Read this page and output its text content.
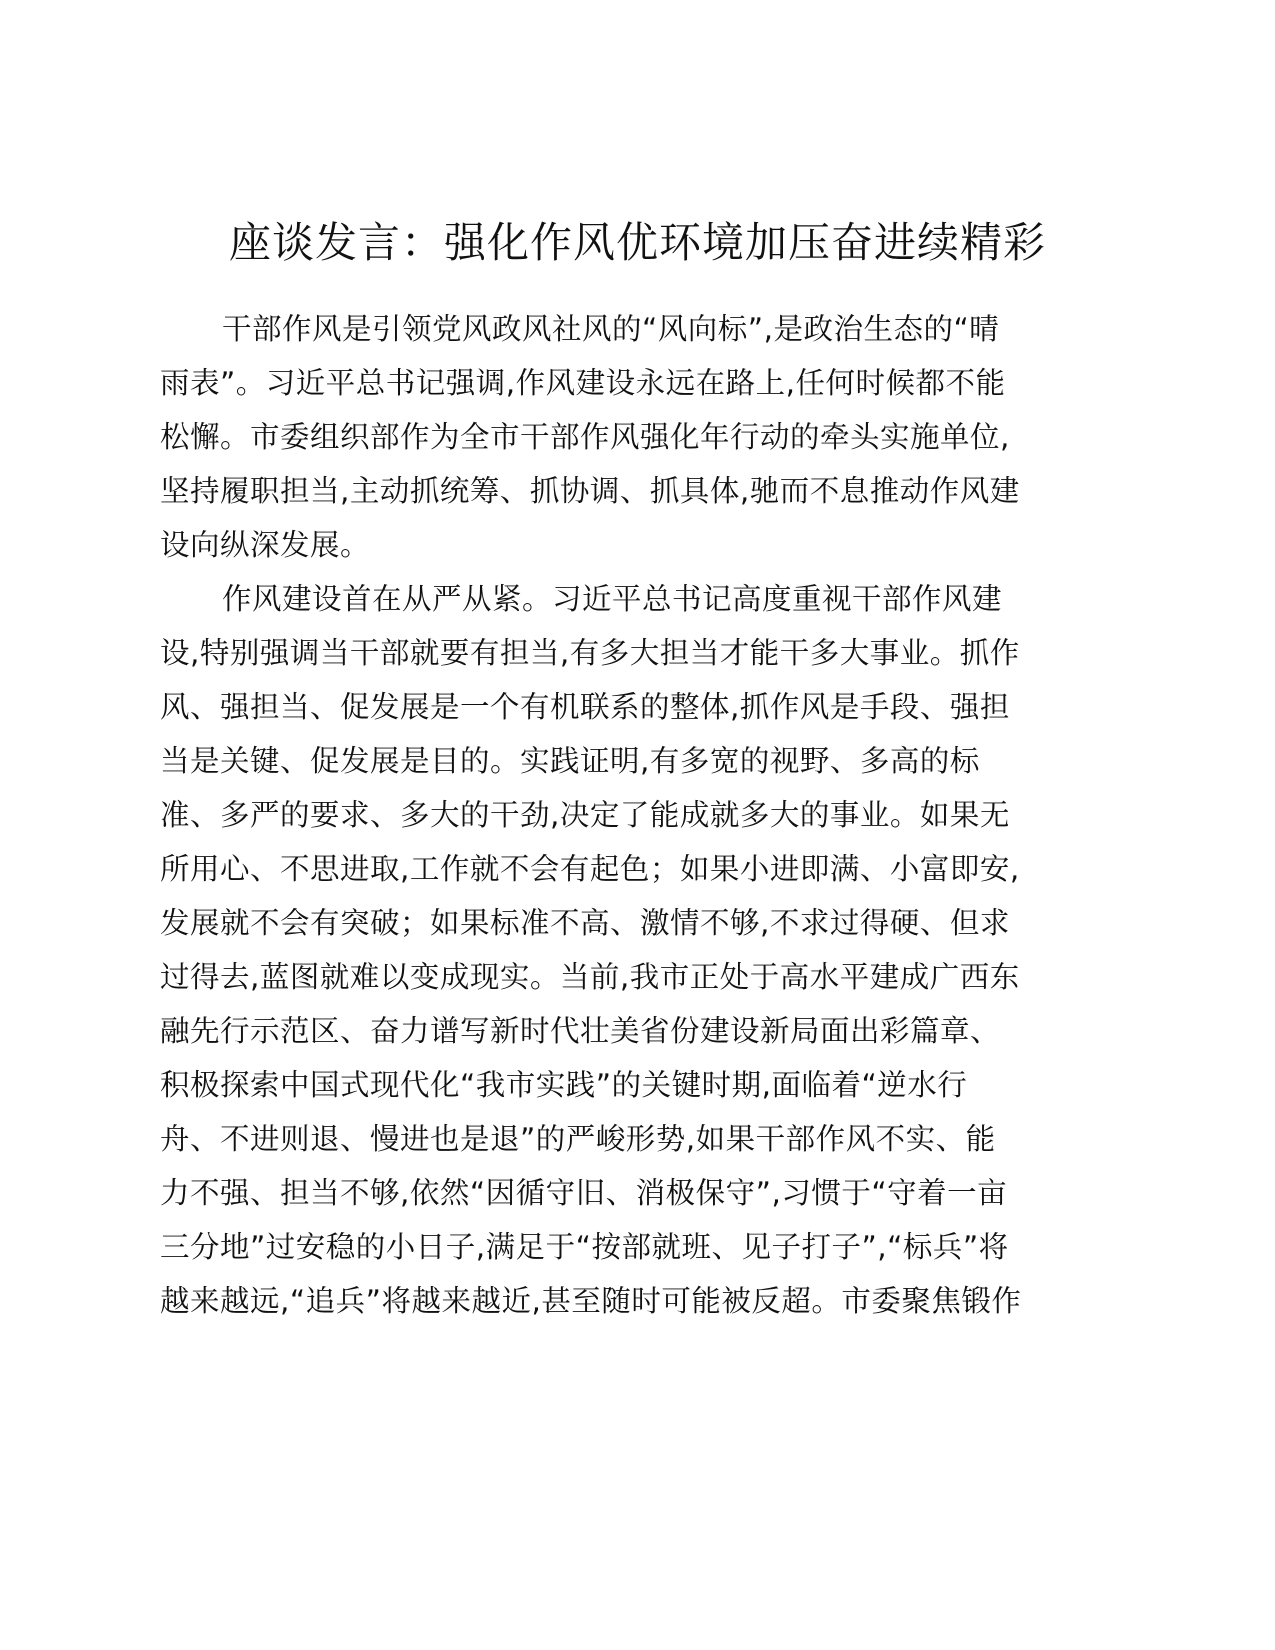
座谈发言：强化作风优环境加压奋进续精彩

干部作风是引领党风政风社风的“风向标”,是政治生态的“晴
雨表”。习近平总书记强调,作风建设永远在路上,任何时候都不能
松懈。市委组织部作为全市干部作风强化年行动的牵头实施单位,
坚持履职担当,主动抓统筹、抓协调、抓具体,驰而不息推动作风建
设向纵深发展。

作风建设首在从严从紧。习近平总书记高度重视干部作风建
设,特别强调当干部就要有担当,有多大担当才能干多大事业。抓作
风、强担当、促发展是一个有机联系的整体,抓作风是手段、强担
当是关键、促发展是目的。实践证明,有多宽的视野、多高的标
准、多严的要求、多大的干劲,决定了能成就多大的事业。如果无
所用心、不思进取,工作就不会有起色；如果小进即满、小富即安,
发展就不会有突破；如果标准不高、激情不够,不求过得硬、但求
过得去,蓝图就难以变成现实。当前,我市正处于高水平建成广西东
融先行示范区、奋力谱写新时代壮美省份建设新局面出彩篇章、
积极探索中国式现代化“我市实践”的关键时期,面临着“逆水行
舟、不进则退、慢进也是退”的严峻形势,如果干部作风不实、能
力不强、担当不够,依然“因循守旧、消极保守”,习惯于“守着一亩
三分地”过安稳的小日子,满足于“按部就班、见子打子”,“标兵”将
越来越远,“追兵”将越来越近,甚至随时可能被反超。市委聚焦锻作
